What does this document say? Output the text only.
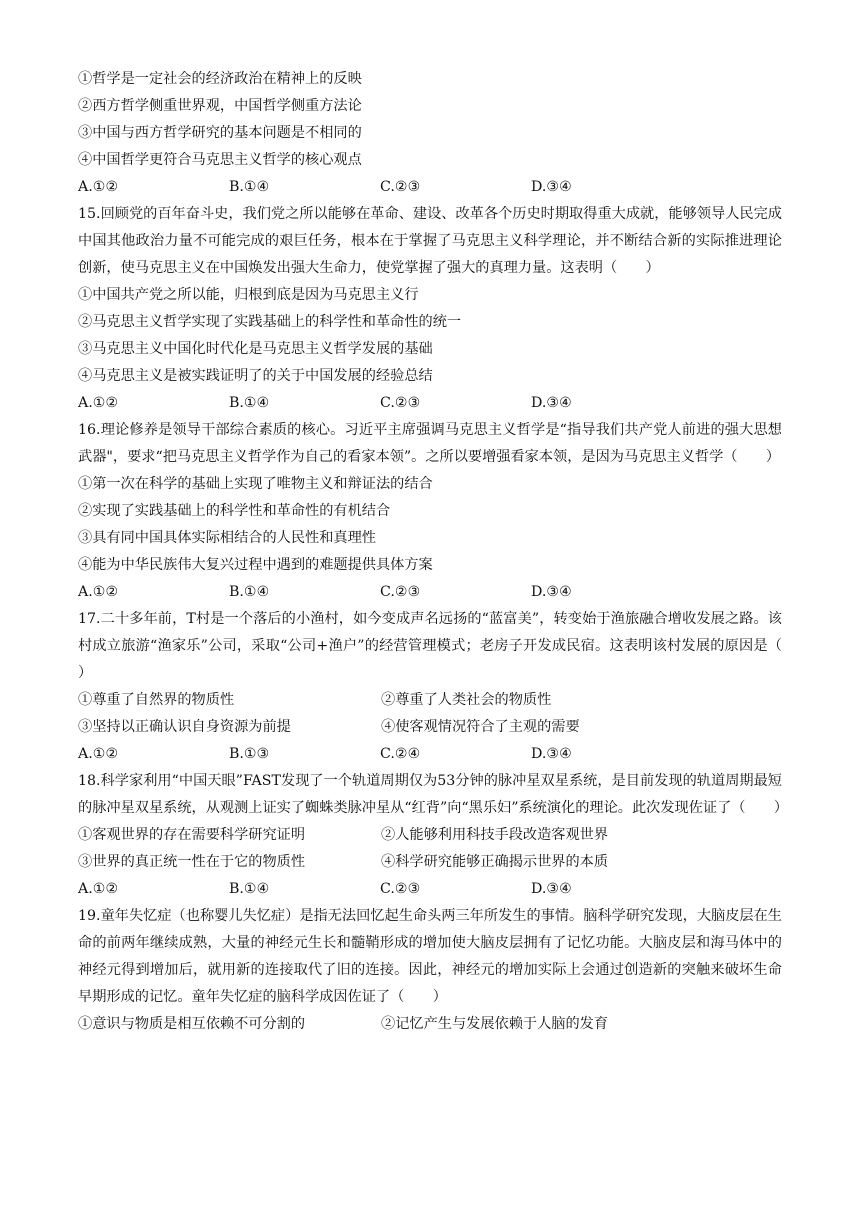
①哲学是一定社会的经济政治在精神上的反映

②西方哲学侧重世界观，中国哲学侧重方法论

③中国与西方哲学研究的基本问题是不相同的

④中国哲学更符合马克思主义哲学的核心观点

A.①②	B.①④	C.②③	D.③④

15.回顾党的百年奋斗史，我们党之所以能够在革命、建设、改革各个历史时期取得重大成就，能够领导人民完成中国其他政治力量不可能完成的艰巨任务，根本在于掌握了马克思主义科学理论，并不断结合新的实际推进理论创新，使马克思主义在中国焕发出强大生命力，使党掌握了强大的真理力量。这表明（　　）

①中国共产党之所以能，归根到底是因为马克思主义行

②马克思主义哲学实现了实践基础上的科学性和革命性的统一

③马克思主义中国化时代化是马克思主义哲学发展的基础

④马克思主义是被实践证明了的关于中国发展的经验总结

A.①②	B.①④	C.②③	D.③④

16.理论修养是领导干部综合素质的核心。习近平主席强调马克思主义哲学是“指导我们共产党人前进的强大思想武器"，要求“把马克思主义哲学作为自己的看家本领”。之所以要增强看家本领，是因为马克思主义哲学（　　）

①第一次在科学的基础上实现了唯物主义和辩证法的结合

②实现了实践基础上的科学性和革命性的有机结合

③具有同中国具体实际相结合的人民性和真理性

④能为中华民族伟大复兴过程中遇到的难题提供具体方案

A.①②	B.①④	C.②③	D.③④

17.二十多年前，T村是一个落后的小渔村，如今变成声名远扬的“蓝富美”，转变始于渔旅融合增收发展之路。该村成立旅游“渔家乐”公司，采取“公司+渔户”的经营管理模式；老房子开发成民宿。这表明该村发展的原因是（　　）

①尊重了自然界的物质性	②尊重了人类社会的物质性
③坚持以正确认识自身资源为前提	④使客观情况符合了主观的需要
A.①②	B.①③	C.②④	D.③④

18.科学家利用“中国天眼”FAST发现了一个轨道周期仅为53分钟的脉冲星双星系统，是目前发现的轨道周期最短的脉冲星双星系统，从观测上证实了蜘蛛类脉冲星从“红背”向“黑乐妇”系统演化的理论。此次发现佐证了（　　）

①客观世界的存在需要科学研究证明	②人能够利用科技手段改造客观世界
③世界的真正统一性在于它的物质性	④科学研究能够正确揭示世界的本质
A.①②	B.①④	C.②③	D.③④

19.童年失忆症（也称婴儿失忆症）是指无法回忆起生命头两三年所发生的事情。脑科学研究发现，大脑皮层在生命的前两年继续成熟，大量的神经元生长和髓鞘形成的增加使大脑皮层拥有了记忆功能。大脑皮层和海马体中的神经元得到增加后，就用新的连接取代了旧的连接。因此，神经元的增加实际上会通过创造新的突触来破坏生命早期形成的记忆。童年失忆症的脑科学成因佐证了（　　）

①意识与物质是相互依赖不可分割的	②记忆产生与发展依赖于人脑的发育
